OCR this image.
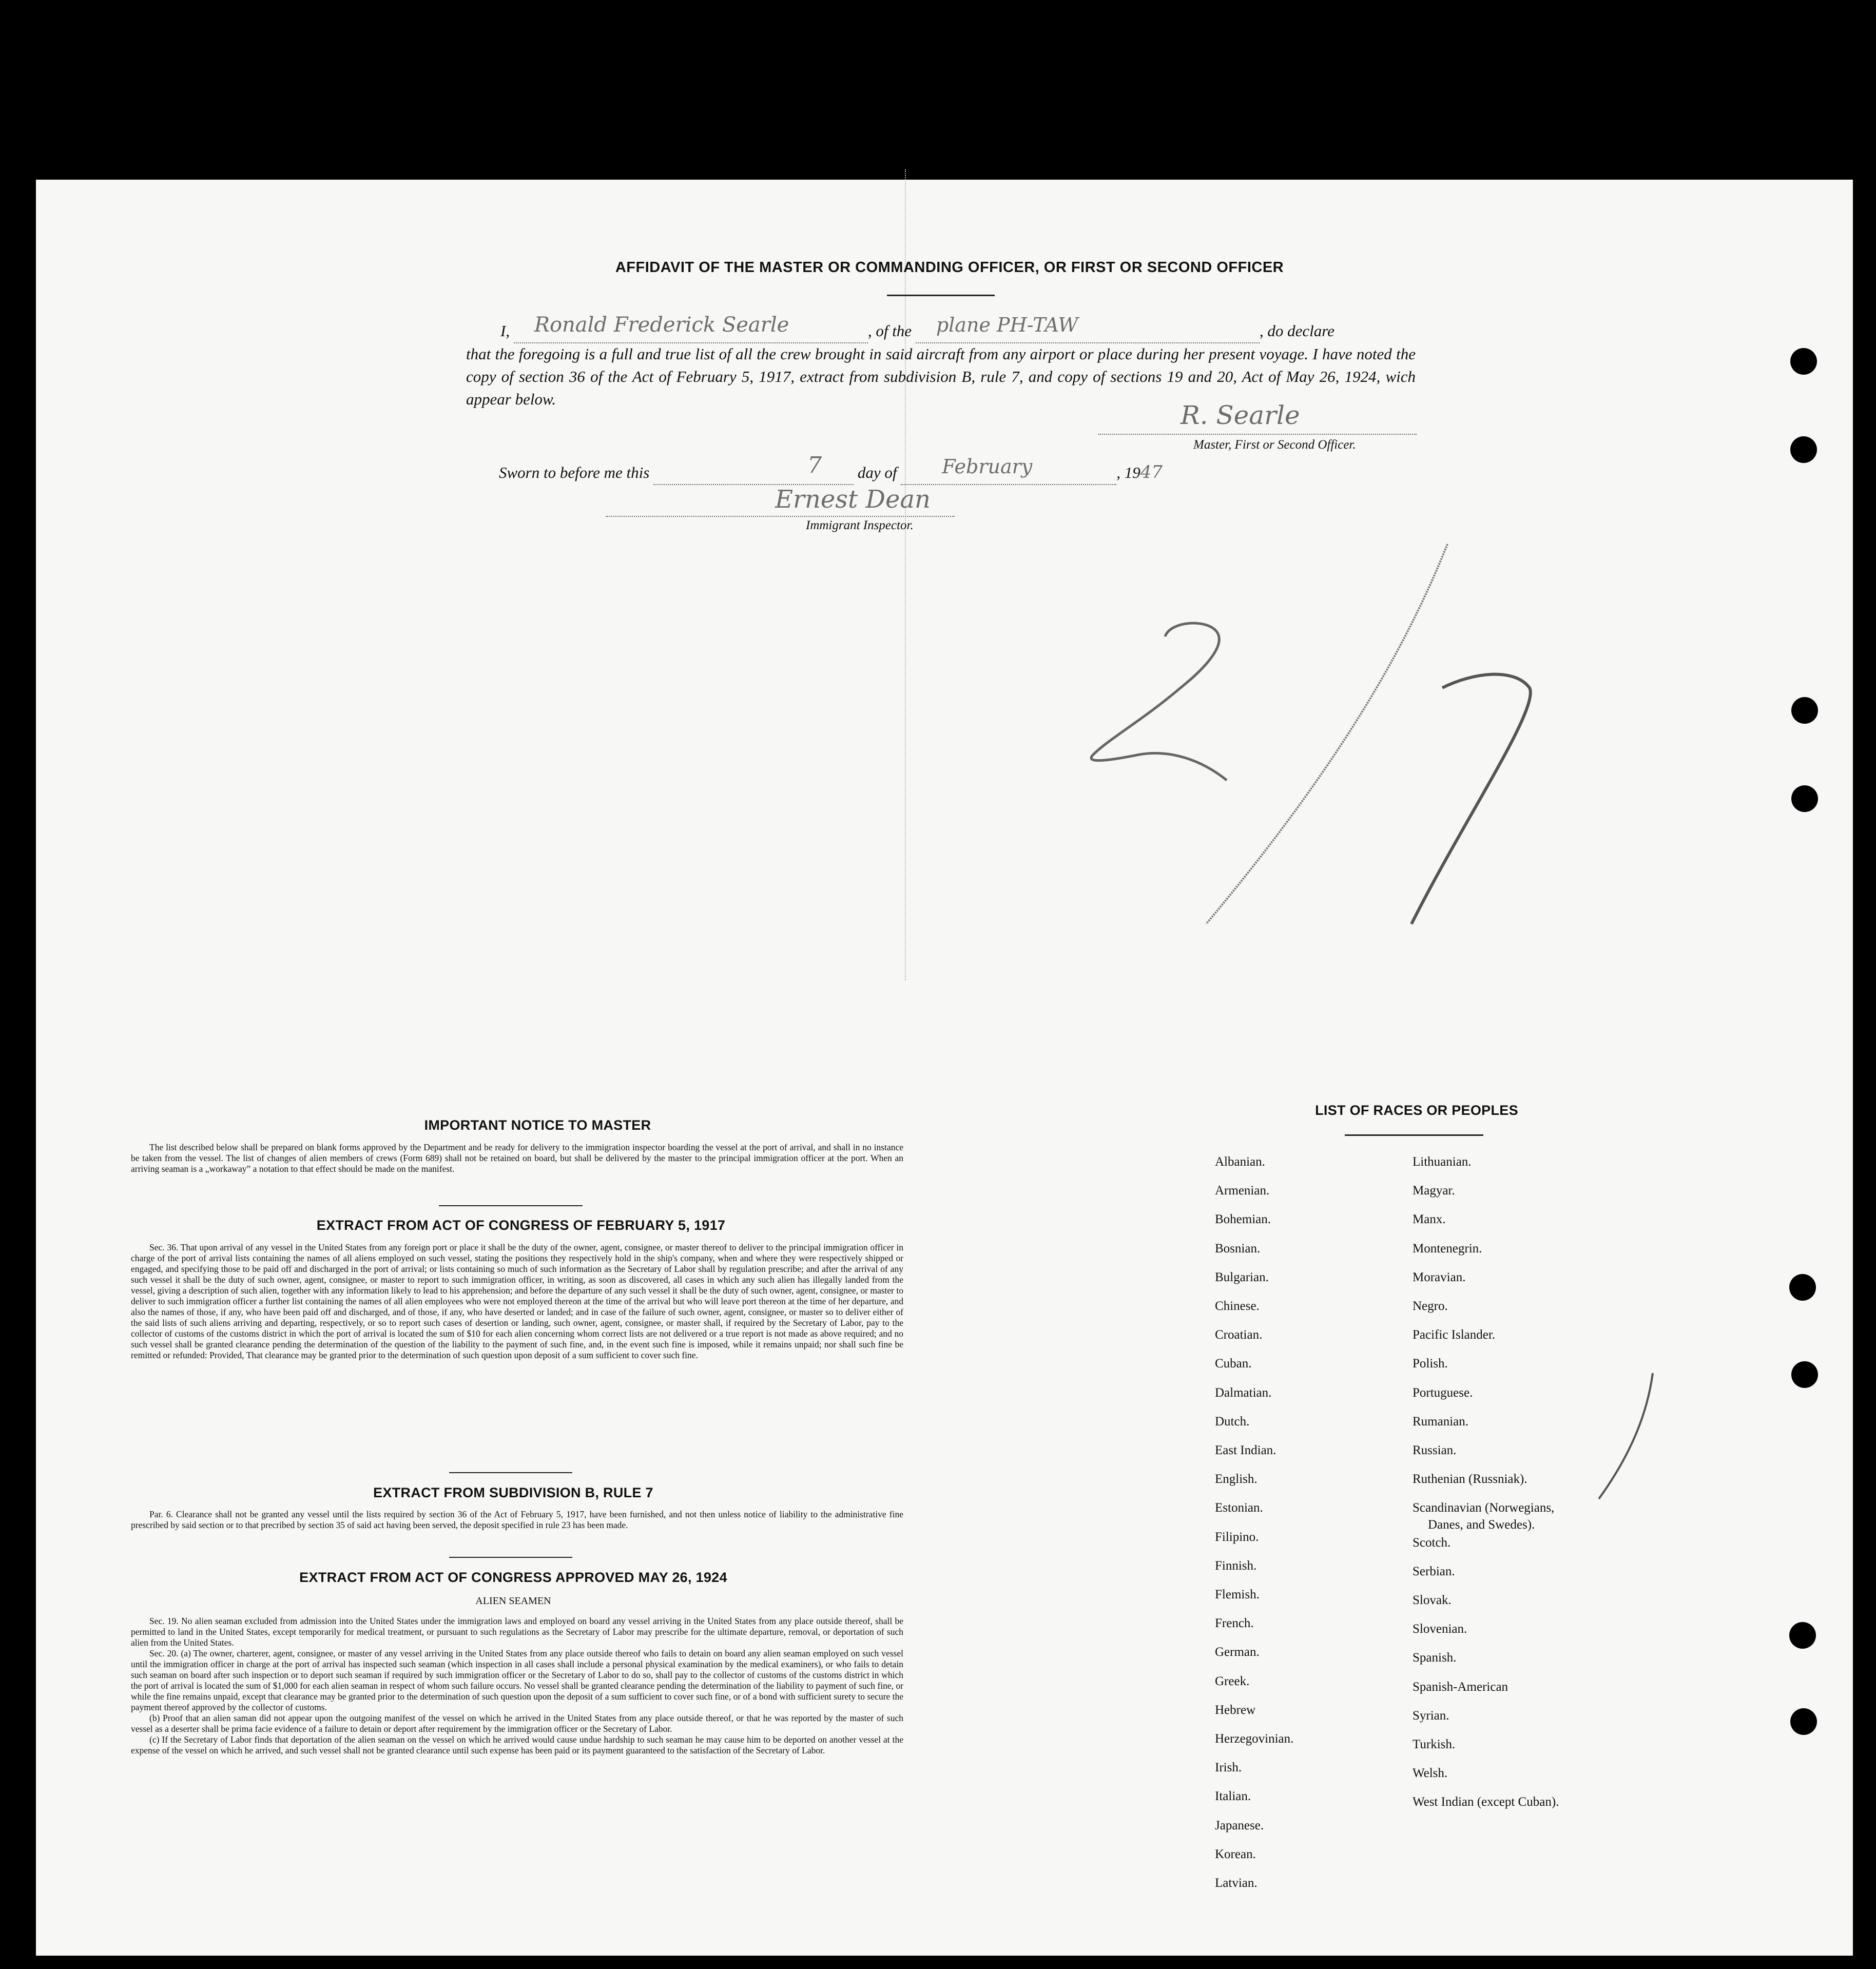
AFFIDAVIT OF THE MASTER OR COMMANDING OFFICER, OR FIRST OR SECOND OFFICER
I, Ronald Frederick Searle	, of the plane PH-TAW	, do declare
that the foregoing is a full and true list of all the crew brought in said aircraft from any airport or place during her present voyage. I have noted the copy of section 36 of the Act of February 5, 1917, extract from subdivision B, rule 7, and copy of sections 19 and 20, Act of May 26, 1924, wich appear below.
R. Searle
Master, First or Second Officer.
Sworn to before me this	7 day of February	, 1947
Ernest Dean
Immigrant Inspector.
IMPORTANT NOTICE TO MASTER
The list described below shall be prepared on blank forms approved by the Department and be ready for delivery to the immigration inspector boarding the vessel at the port of arrival, and shall in no instance be taken from the vessel. The list of changes of alien members of crews (Form 689) shall not be retained on board, but shall be delivered by the master to the principal immigration officer at the port. When an arriving seaman is a „workaway” a notation to that effect should be made on the manifest.
EXTRACT FROM ACT OF CONGRESS OF FEBRUARY 5, 1917
Sec. 36. That upon arrival of any vessel in the United States from any foreign port or place it shall be the duty of the owner, agent, consignee, or master thereof to deliver to the principal immigration officer in charge of the port of arrival lists containing the names of all aliens employed on such vessel, stating the positions they respectively hold in the ship's company, when and where they were respectively shipped or engaged, and specifying those to be paid off and discharged in the port of arrival; or lists containing so much of such information as the Secretary of Labor shall by regulation prescribe; and after the arrival of any such vessel it shall be the duty of such owner, agent, consignee, or master to report to such immigration officer, in writing, as soon as discovered, all cases in which any such alien has illegally landed from the vessel, giving a description of such alien, together with any information likely to lead to his apprehension; and before the departure of any such vessel it shall be the duty of such owner, agent, consignee, or master to deliver to such immigration officer a further list containing the names of all alien employees who were not employed thereon at the time of the arrival but who will leave port thereon at the time of her departure, and also the names of those, if any, who have been paid off and discharged, and of those, if any, who have deserted or landed; and in case of the failure of such owner, agent, consignee, or master so to deliver either of the said lists of such aliens arriving and departing, respectively, or so to report such cases of desertion or landing, such owner, agent, consignee, or master shall, if required by the Secretary of Labor, pay to the collector of customs of the customs district in which the port of arrival is located the sum of $10 for each alien concerning whom correct lists are not delivered or a true report is not made as above required; and no such vessel shall be granted clearance pending the determination of the question of the liability to the payment of such fine, and, in the event such fine is imposed, while it remains unpaid; nor shall such fine be remitted or refunded: Provided, That clearance may be granted prior to the determination of such question upon deposit of a sum sufficient to cover such fine.
EXTRACT FROM SUBDIVISION B, RULE 7
Par. 6. Clearance shall not be granted any vessel until the lists required by section 36 of the Act of February 5, 1917, have been furnished, and not then unless notice of liability to the administrative fine prescribed by said section or to that precribed by section 35 of said act having been served, the deposit specified in rule 23 has been made.
EXTRACT FROM ACT OF CONGRESS APPROVED MAY 26, 1924
ALIEN SEAMEN

Sec. 19. No alien seaman excluded from admission into the United States under the immigration laws and employed on board any vessel arriving in the United States from any place outside thereof, shall be permitted to land in the United States, except temporarily for medical treatment, or pursuant to such regulations as the Secretary of Labor may prescribe for the ultimate departure, removal, or deportation of such alien from the United States.

Sec. 20. (a) The owner, charterer, agent, consignee, or master of any vessel arriving in the United States from any place outside thereof who fails to detain on board any alien seaman employed on such vessel until the immigration officer in charge at the port of arrival has inspected such seaman (which inspection in all cases shall include a personal physical examination by the medical examiners), or who fails to detain such seaman on board after such inspection or to deport such seaman if required by such immigration officer or the Secretary of Labor to do so, shall pay to the collector of customs of the customs district in which the port of arrival is located the sum of $1,000 for each alien seaman in respect of whom such failure occurs. No vessel shall be granted clearance pending the determination of the liability to payment of such fine, or while the fine remains unpaid, except that clearance may be granted prior to the determination of such question upon the deposit of a sum sufficient to cover such fine, or of a bond with sufficient surety to secure the payment thereof approved by the collector of customs.

(b) Proof that an alien saman did not appear upon the outgoing manifest of the vessel on which he arrived in the United States from any place outside thereof, or that he was reported by the master of such vessel as a deserter shall be prima facie evidence of a failure to detain or deport after requirement by the immigration officer or the Secretary of Labor.

(c) If the Secretary of Labor finds that deportation of the alien seaman on the vessel on which he arrived would cause undue hardship to such seaman he may cause him to be deported on another vessel at the expense of the vessel on which he arrived, and such vessel shall not be granted clearance until such expense has been paid or its payment guaranteed to the satisfaction of the Secretary of Labor.

LIST OF RACES OR PEOPLES
Albanian.
Armenian.
Bohemian.
Bosnian.
Bulgarian.
Chinese.
Croatian.
Cuban.
Dalmatian.
Dutch.
East Indian.
English.
Estonian.
Filipino.
Finnish.
Flemish.
French.
German.
Greek.
Hebrew
Herzegovinian.
Irish.
Italian.
Japanese.
Korean.
Latvian.
Lithuanian.
Magyar.
Manx.
Montenegrin.
Moravian.
Negro.
Pacific Islander.
Polish.
Portuguese.
Rumanian.
Russian.
Ruthenian (Russniak).
Scandinavian (Norwegians,
Danes, and Swedes).
Scotch.
Serbian.
Slovak.
Slovenian.
Spanish.
Spanish-American
Syrian.
Turkish.
Welsh.
West Indian (except Cuban).
